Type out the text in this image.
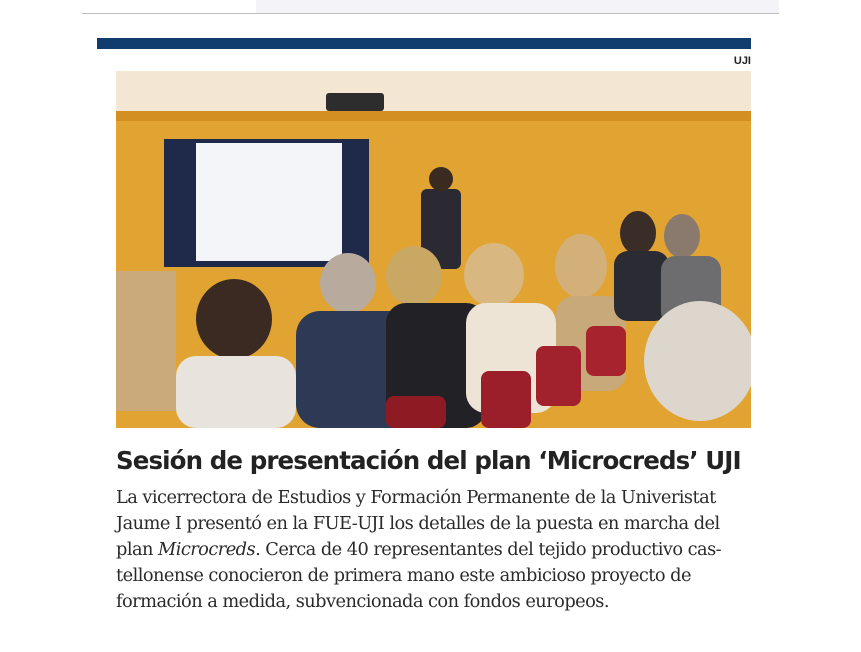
UJI
Sesión de presentación del plan ‘Microcreds’ UJI
La vicerrectora de Estudios y Formación Permanente de la Univeristat
Jaume I presentó en la FUE-UJI los detalles de la puesta en marcha del
plan Microcreds. Cerca de 40 representantes del tejido productivo cas-
tellonense conocieron de primera mano este ambicioso proyecto de
formación a medida, subvencionada con fondos europeos.
